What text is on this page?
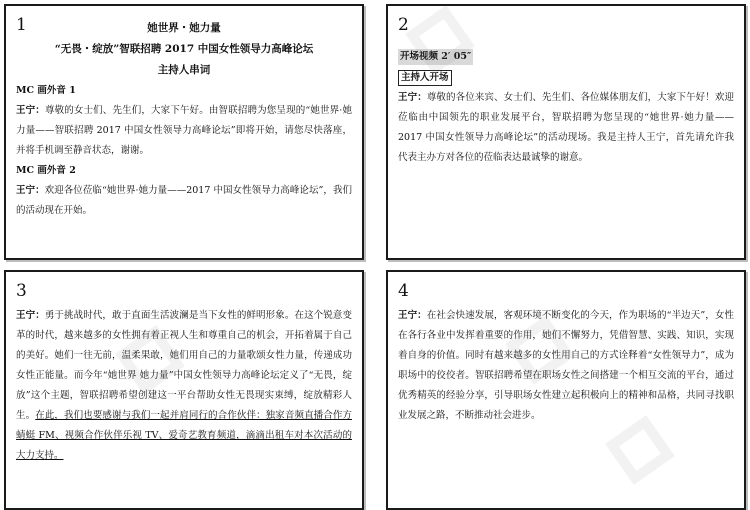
1	她世界・她力量
“无畏・绽放”智联招聘 2017 中国女性领导力高峰论坛
主持人串词
MC 画外音 1

王宁：尊敬的女士们、先生们，大家下午好。由智联招聘为您呈现的“她世界·她力量——智联招聘 2017 中国女性领导力高峰论坛”即将开始，请您尽快落座，并将手机调至静音状态，谢谢。

MC 画外音 2

王宁：欢迎各位莅临“她世界·她力量——2017 中国女性领导力高峰论坛”，我们的活动现在开始。

2
开场视频 2′ 05″
主持人开场

王宁：尊敬的各位来宾、女士们、先生们、各位媒体朋友们，大家下午好！欢迎莅临由中国领先的职业发展平台，智联招聘为您呈现的“她世界·她力量——2017 中国女性领导力高峰论坛”的活动现场。我是主持人王宁，首先请允许我代表主办方对各位的莅临表达最诚挚的谢意。

3

王宁：勇于挑战时代，敢于直面生活波澜是当下女性的鲜明形象。在这个锐意变革的时代，越来越多的女性拥有着正视人生和尊重自己的机会，开拓着属于自己的美好。她们一往无前，温柔果敢，她们用自己的力量歌颂女性力量，传递成功女性正能量。而今年“她世界 她力量”中国女性领导力高峰论坛定义了“无畏，绽放”这个主题，智联招聘希望创建这一平台帮助女性无畏现实束缚，绽放精彩人生。在此，我们也要感谢与我们一起并肩同行的合作伙伴：独家音频直播合作方蜻蜓 FM、视频合作伙伴乐视 TV、爱奇艺教育频道，滴滴出租车对本次活动的大力支持。

4

王宁：在社会快速发展，客观环境不断变化的今天，作为职场的“半边天”，女性在各行各业中发挥着重要的作用，她们不懈努力，凭借智慧、实践、知识，实现着自身的价值。同时有越来越多的女性用自己的方式诠释着“女性领导力”，成为职场中的佼佼者。智联招聘希望在职场女性之间搭建一个相互交流的平台，通过优秀精英的经验分享，引导职场女性建立起积极向上的精神和品格，共同寻找职业发展之路，不断推动社会进步。
